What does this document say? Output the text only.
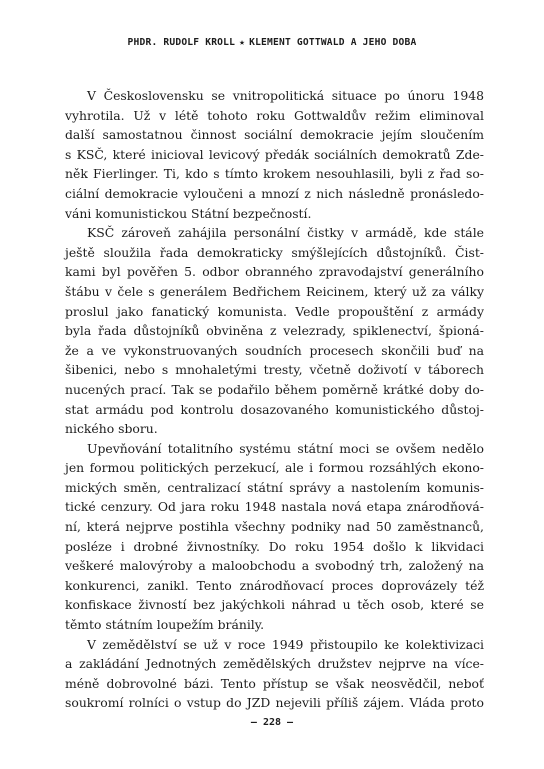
PHDR. RUDOLF KROLL ★ KLEMENT GOTTWALD A JEHO DOBA
V Československu se vnitropolitická situace po únoru 1948
vyhrotila. Už v létě tohoto roku Gottwaldův režim eliminoval
další samostatnou činnost sociální demokracie jejím sloučením
s KSČ, které inicioval levicový předák sociálních demokratů Zde-
něk Fierlinger. Ti, kdo s tímto krokem nesouhlasili, byli z řad so-
ciální demokracie vyloučeni a mnozí z nich následně pronásledo-
váni komunistickou Státní bezpečností.
KSČ zároveň zahájila personální čistky v armádě, kde stále
ještě sloužila řada demokraticky smýšlejících důstojníků. Čist-
kami byl pověřen 5. odbor obranného zpravodajství generálního
štábu v čele s generálem Bedřichem Reicinem, který už za války
proslul jako fanatický komunista. Vedle propouštění z armády
byla řada důstojníků obviněna z velezrady, spiklenectví, špioná-
že a ve vykonstruovaných soudních procesech skončili buď na
šibenici, nebo s mnohaletými tresty, včetně doživotí v táborech
nucených prací. Tak se podařilo během poměrně krátké doby do-
stat armádu pod kontrolu dosazovaného komunistického důstoj-
nického sboru.
Upevňování totalitního systému státní moci se ovšem nedělo
jen formou politických perzekucí, ale i formou rozsáhlých ekono-
mických směn, centralizací státní správy a nastolením komunis-
tické cenzury. Od jara roku 1948 nastala nová etapa znárodňová-
ní, která nejprve postihla všechny podniky nad 50 zaměstnanců,
posléze i drobné živnostníky. Do roku 1954 došlo k likvidaci
veškeré malovýroby a maloobchodu a svobodný trh, založený na
konkurenci, zanikl. Tento znárodňovací proces doprovázely též
konfiskace živností bez jakýchkoli náhrad u těch osob, které se
těmto státním loupežím bránily.
V zemědělství se už v roce 1949 přistoupilo ke kolektivizaci
a zakládání Jednotných zemědělských družstev nejprve na více-
méně dobrovolné bázi. Tento přístup se však neosvědčil, neboť
soukromí rolníci o vstup do JZD nejevili příliš zájem. Vláda proto
– 228 –
